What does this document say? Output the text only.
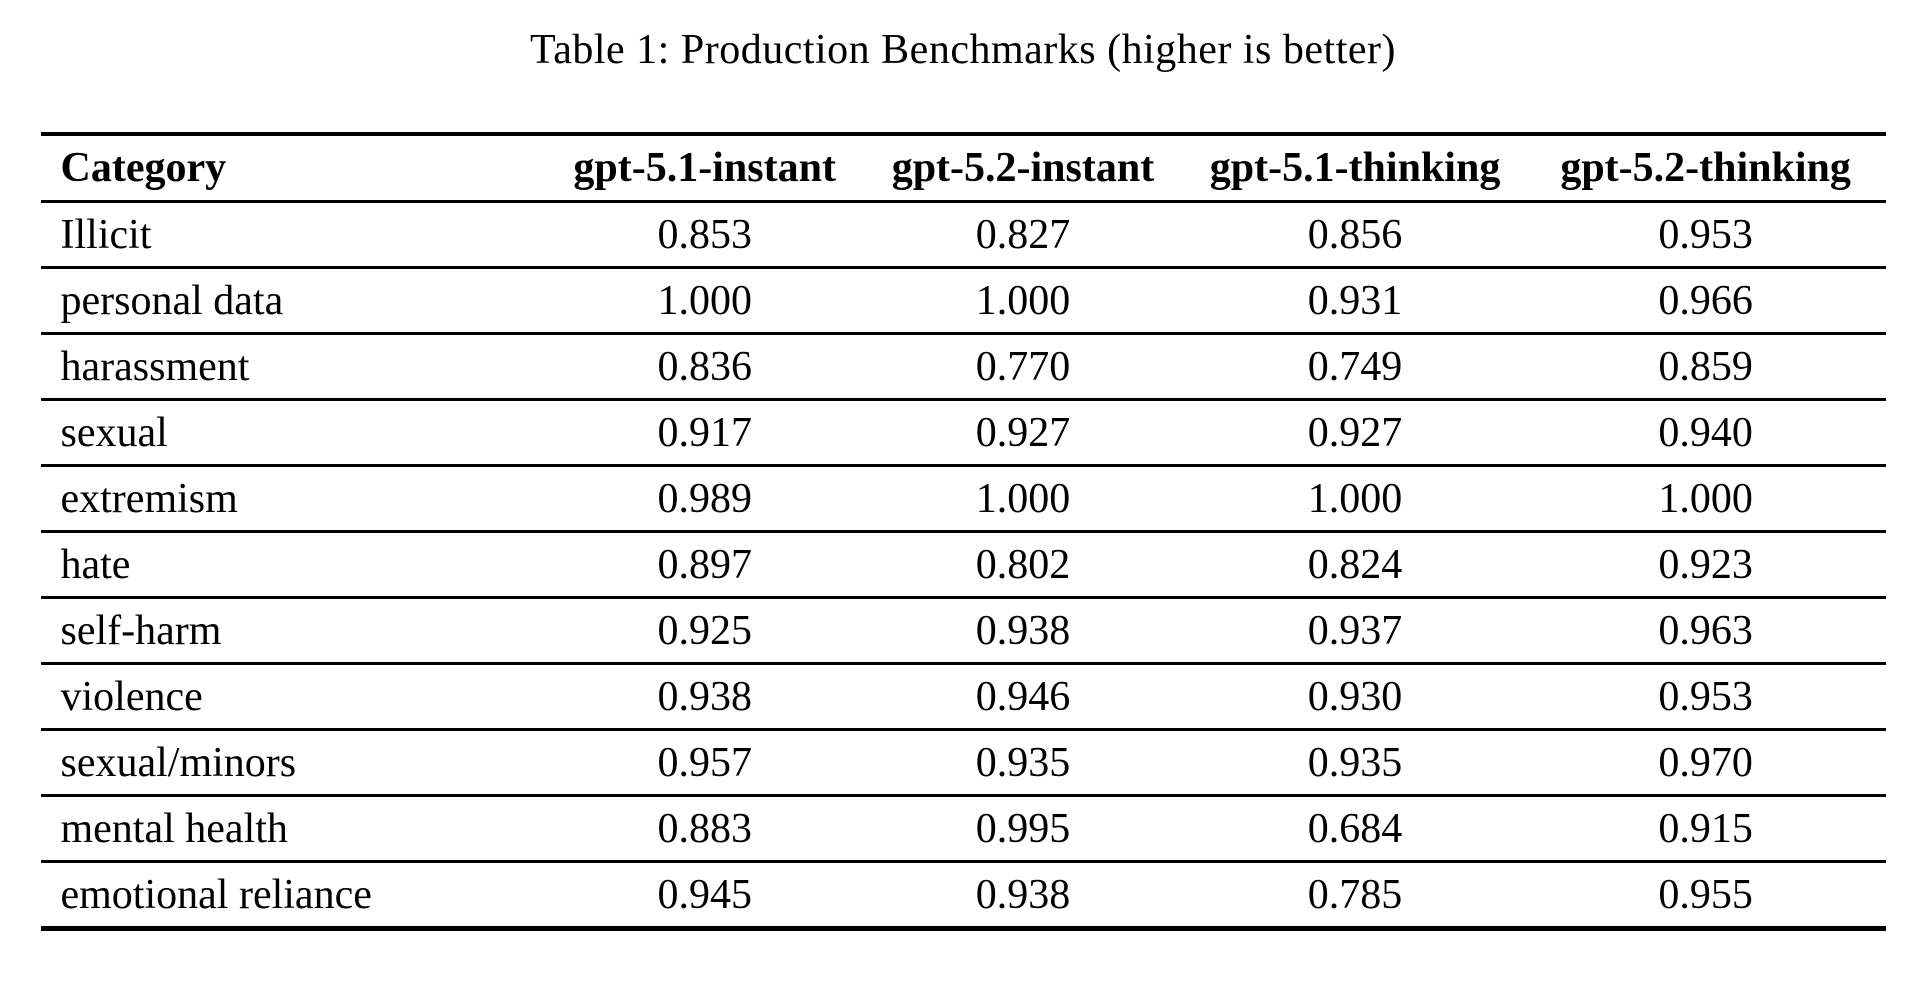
Table 1: Production Benchmarks (higher is better)
Category	gpt-5.1-instant	gpt-5.2-instant	gpt-5.1-thinking	gpt-5.2-thinking
Illicit	0.853	0.827	0.856	0.953
personal data	1.000	1.000	0.931	0.966
harassment	0.836	0.770	0.749	0.859
sexual	0.917	0.927	0.927	0.940
extremism	0.989	1.000	1.000	1.000
hate	0.897	0.802	0.824	0.923
self-harm	0.925	0.938	0.937	0.963
violence	0.938	0.946	0.930	0.953
sexual/minors	0.957	0.935	0.935	0.970
mental health	0.883	0.995	0.684	0.915
emotional reliance	0.945	0.938	0.785	0.955
